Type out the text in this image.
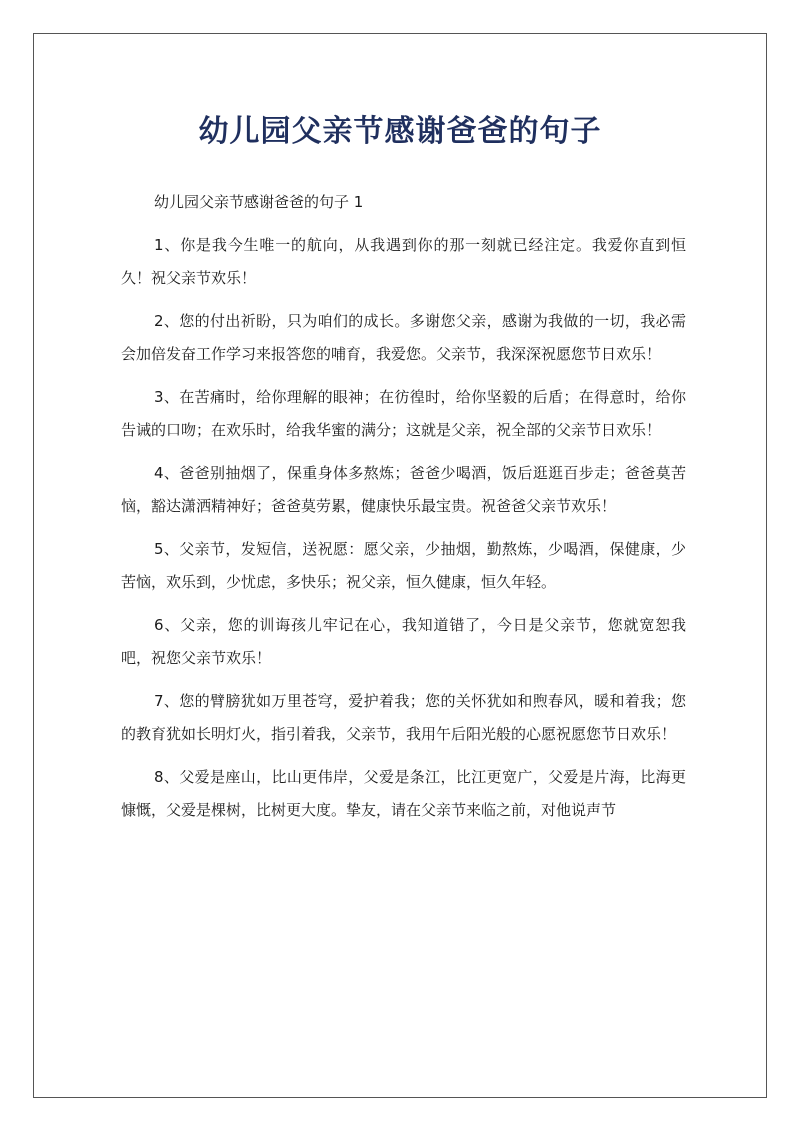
幼儿园父亲节感谢爸爸的句子

幼儿园父亲节感谢爸爸的句子 1

1、你是我今生唯一的航向，从我遇到你的那一刻就已经注定。我爱你直到恒久！祝父亲节欢乐！

2、您的付出祈盼，只为咱们的成长。多谢您父亲，感谢为我做的一切，我必需会加倍发奋工作学习来报答您的哺育，我爱您。父亲节，我深深祝愿您节日欢乐！

3、在苦痛时，给你理解的眼神；在彷徨时，给你坚毅的后盾；在得意时，给你告诫的口吻；在欢乐时，给我华蜜的满分；这就是父亲，祝全部的父亲节日欢乐！

4、爸爸别抽烟了，保重身体多熬炼；爸爸少喝酒，饭后逛逛百步走；爸爸莫苦恼，豁达潇洒精神好；爸爸莫劳累，健康快乐最宝贵。祝爸爸父亲节欢乐！

5、父亲节，发短信，送祝愿：愿父亲，少抽烟，勤熬炼，少喝酒，保健康，少苦恼，欢乐到，少忧虑，多快乐；祝父亲，恒久健康，恒久年轻。

6、父亲，您的训诲孩儿牢记在心，我知道错了，今日是父亲节，您就宽恕我吧，祝您父亲节欢乐！

7、您的臂膀犹如万里苍穹，爱护着我；您的关怀犹如和煦春风，暖和着我；您的教育犹如长明灯火，指引着我，父亲节，我用午后阳光般的心愿祝愿您节日欢乐！

8、父爱是座山，比山更伟岸，父爱是条江，比江更宽广，父爱是片海，比海更慷慨，父爱是棵树，比树更大度。挚友，请在父亲节来临之前，对他说声节
